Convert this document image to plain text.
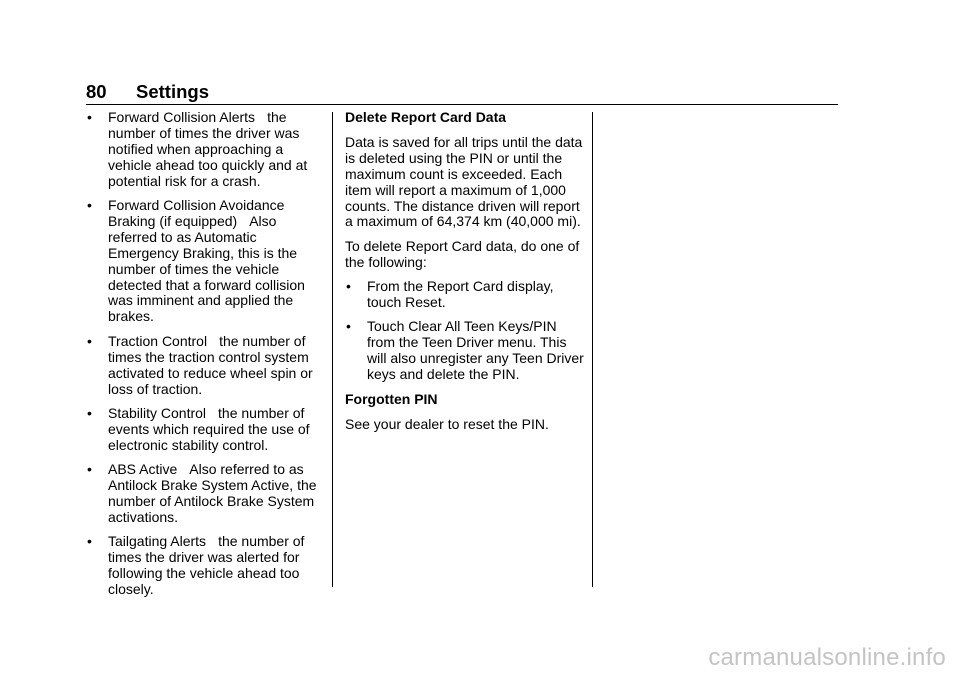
80 Settings
• Forward Collision Alerts the number of times the driver was notified when approaching a vehicle ahead too quickly and at potential risk for a crash.
• Forward Collision Avoidance Braking (if equipped) Also referred to as Automatic Emergency Braking, this is the number of times the vehicle detected that a forward collision was imminent and applied the brakes.
• Traction Control the number of times the traction control system activated to reduce wheel spin or loss of traction.
• Stability Control the number of events which required the use of electronic stability control.
• ABS Active Also referred to as Antilock Brake System Active, the number of Antilock Brake System activations.
• Tailgating Alerts the number of times the driver was alerted for following the vehicle ahead too closely.
Delete Report Card Data
Data is saved for all trips until the data is deleted using the PIN or until the maximum count is exceeded. Each item will report a maximum of 1,000 counts. The distance driven will report a maximum of 64,374 km (40,000 mi).
To delete Report Card data, do one of the following:
• From the Report Card display, touch Reset.
• Touch Clear All Teen Keys/PIN from the Teen Driver menu. This will also unregister any Teen Driver keys and delete the PIN.
Forgotten PIN
See your dealer to reset the PIN.
carmanualsonline.info
